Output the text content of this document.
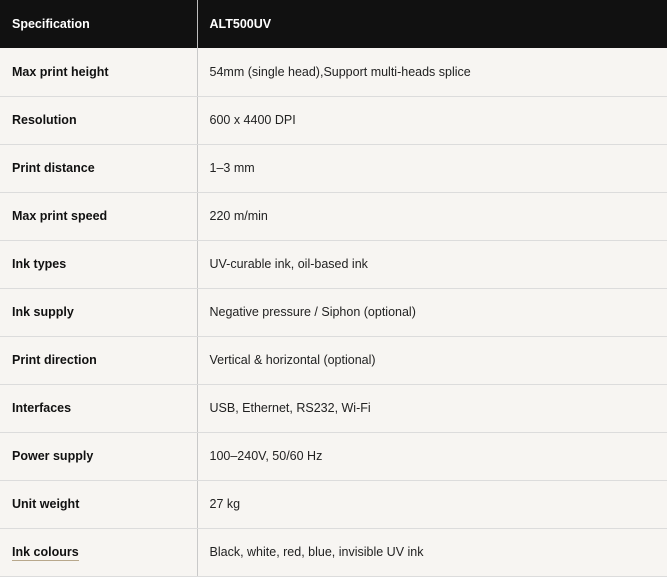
Specification	ALT500UV
Max print height	54mm (single head),Support multi-heads splice
Resolution	600 x 4400 DPI
Print distance	1–3 mm
Max print speed	220 m/min
Ink types	UV-curable ink, oil-based ink
Ink supply	Negative pressure / Siphon (optional)
Print direction	Vertical & horizontal (optional)
Interfaces	USB, Ethernet, RS232, Wi-Fi
Power supply	100–240V, 50/60 Hz
Unit weight	27 kg
Ink colours	Black, white, red, blue, invisible UV ink
